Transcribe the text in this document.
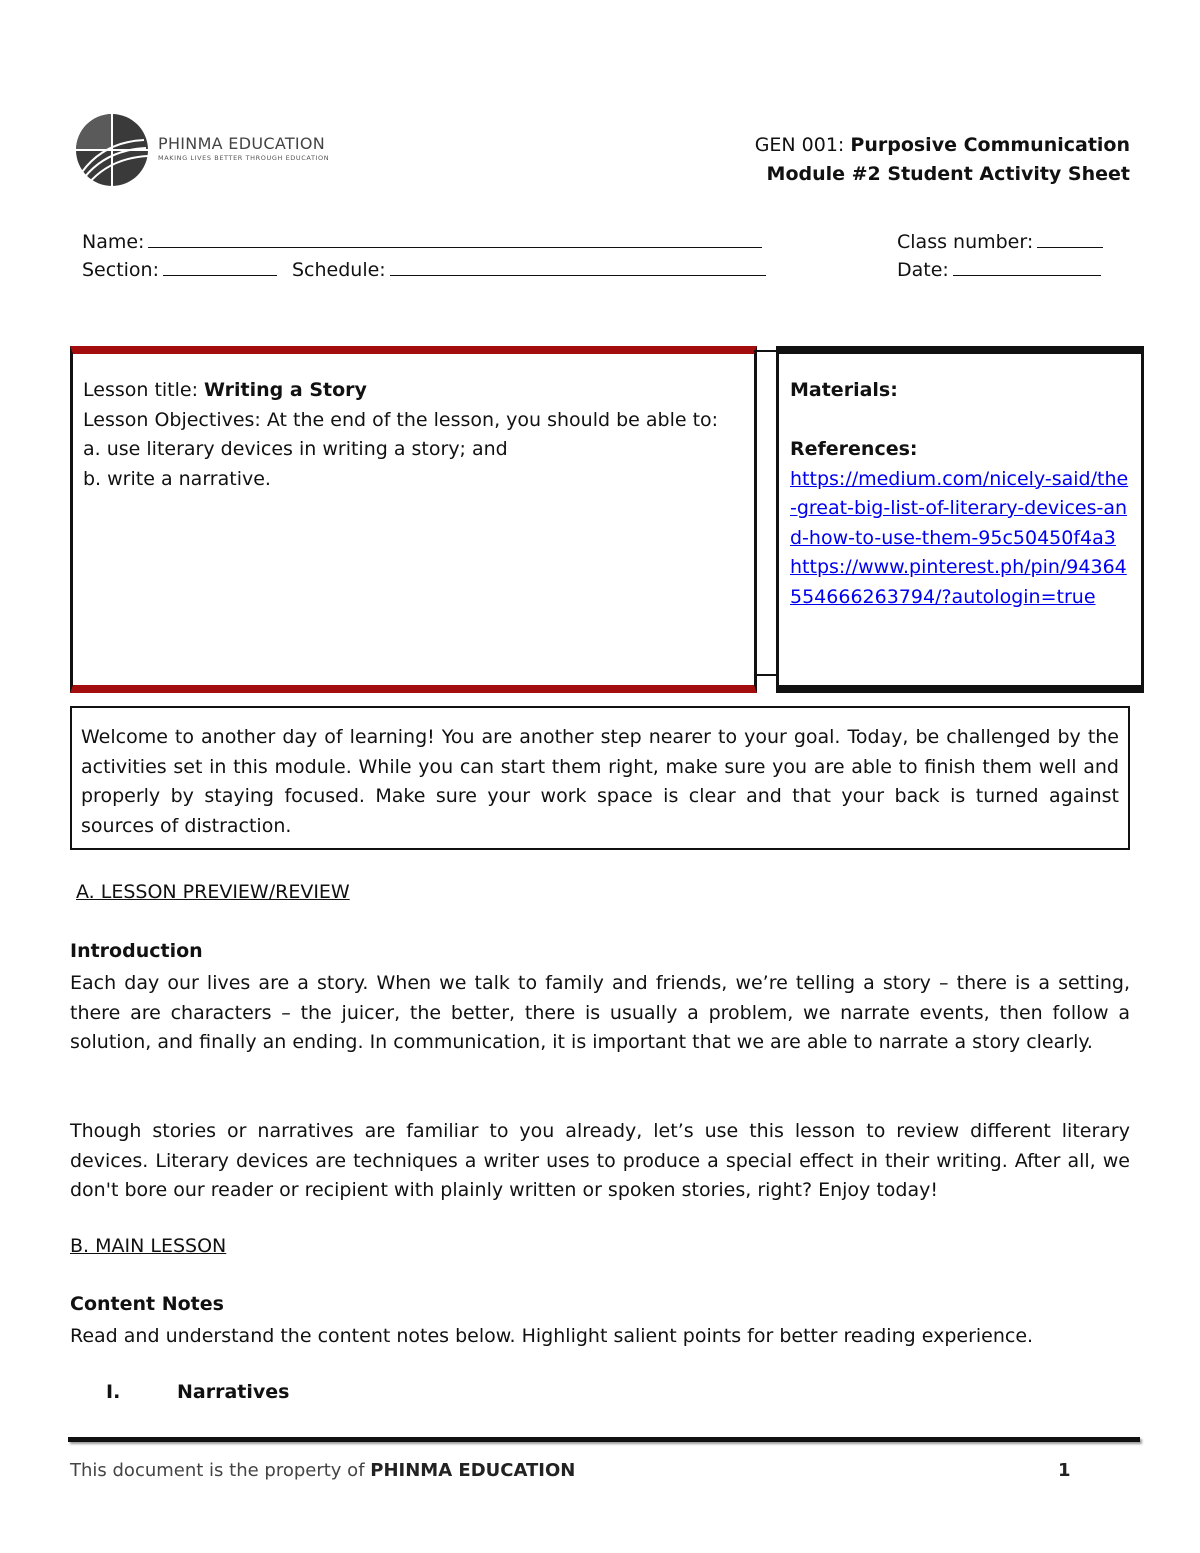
PHINMA EDUCATION
MAKING LIVES BETTER THROUGH EDUCATION
GEN 001: Purposive Communication
Module #2 Student Activity Sheet
Name:	Class number:
Section:	Schedule:	Date:
Lesson title: Writing a Story
Lesson Objectives: At the end of the lesson, you should be able to:
a. use literary devices in writing a story; and
b. write a narrative.
Materials:
References:
https://medium.com/nicely-said/the-great-big-list-of-literary-devices-and-how-to-use-them-95c50450f4a3
https://www.pinterest.ph/pin/94364554666263794/?autologin=true
Welcome to another day of learning! You are another step nearer to your goal. Today, be challenged by the activities set in this module. While you can start them right, make sure you are able to finish them well and properly by staying focused. Make sure your work space is clear and that your back is turned against sources of distraction.
A. LESSON PREVIEW/REVIEW
Introduction
Each day our lives are a story. When we talk to family and friends, we’re telling a story – there is a setting, there are characters – the juicer, the better, there is usually a problem, we narrate events, then follow a solution, and finally an ending. In communication, it is important that we are able to narrate a story clearly.
Though stories or narratives are familiar to you already, let’s use this lesson to review different literary devices. Literary devices are techniques a writer uses to produce a special effect in their writing. After all, we don't bore our reader or recipient with plainly written or spoken stories, right? Enjoy today!
B. MAIN LESSON
Content Notes
Read and understand the content notes below. Highlight salient points for better reading experience.
I.	Narratives
This document is the property of PHINMA EDUCATION	1
